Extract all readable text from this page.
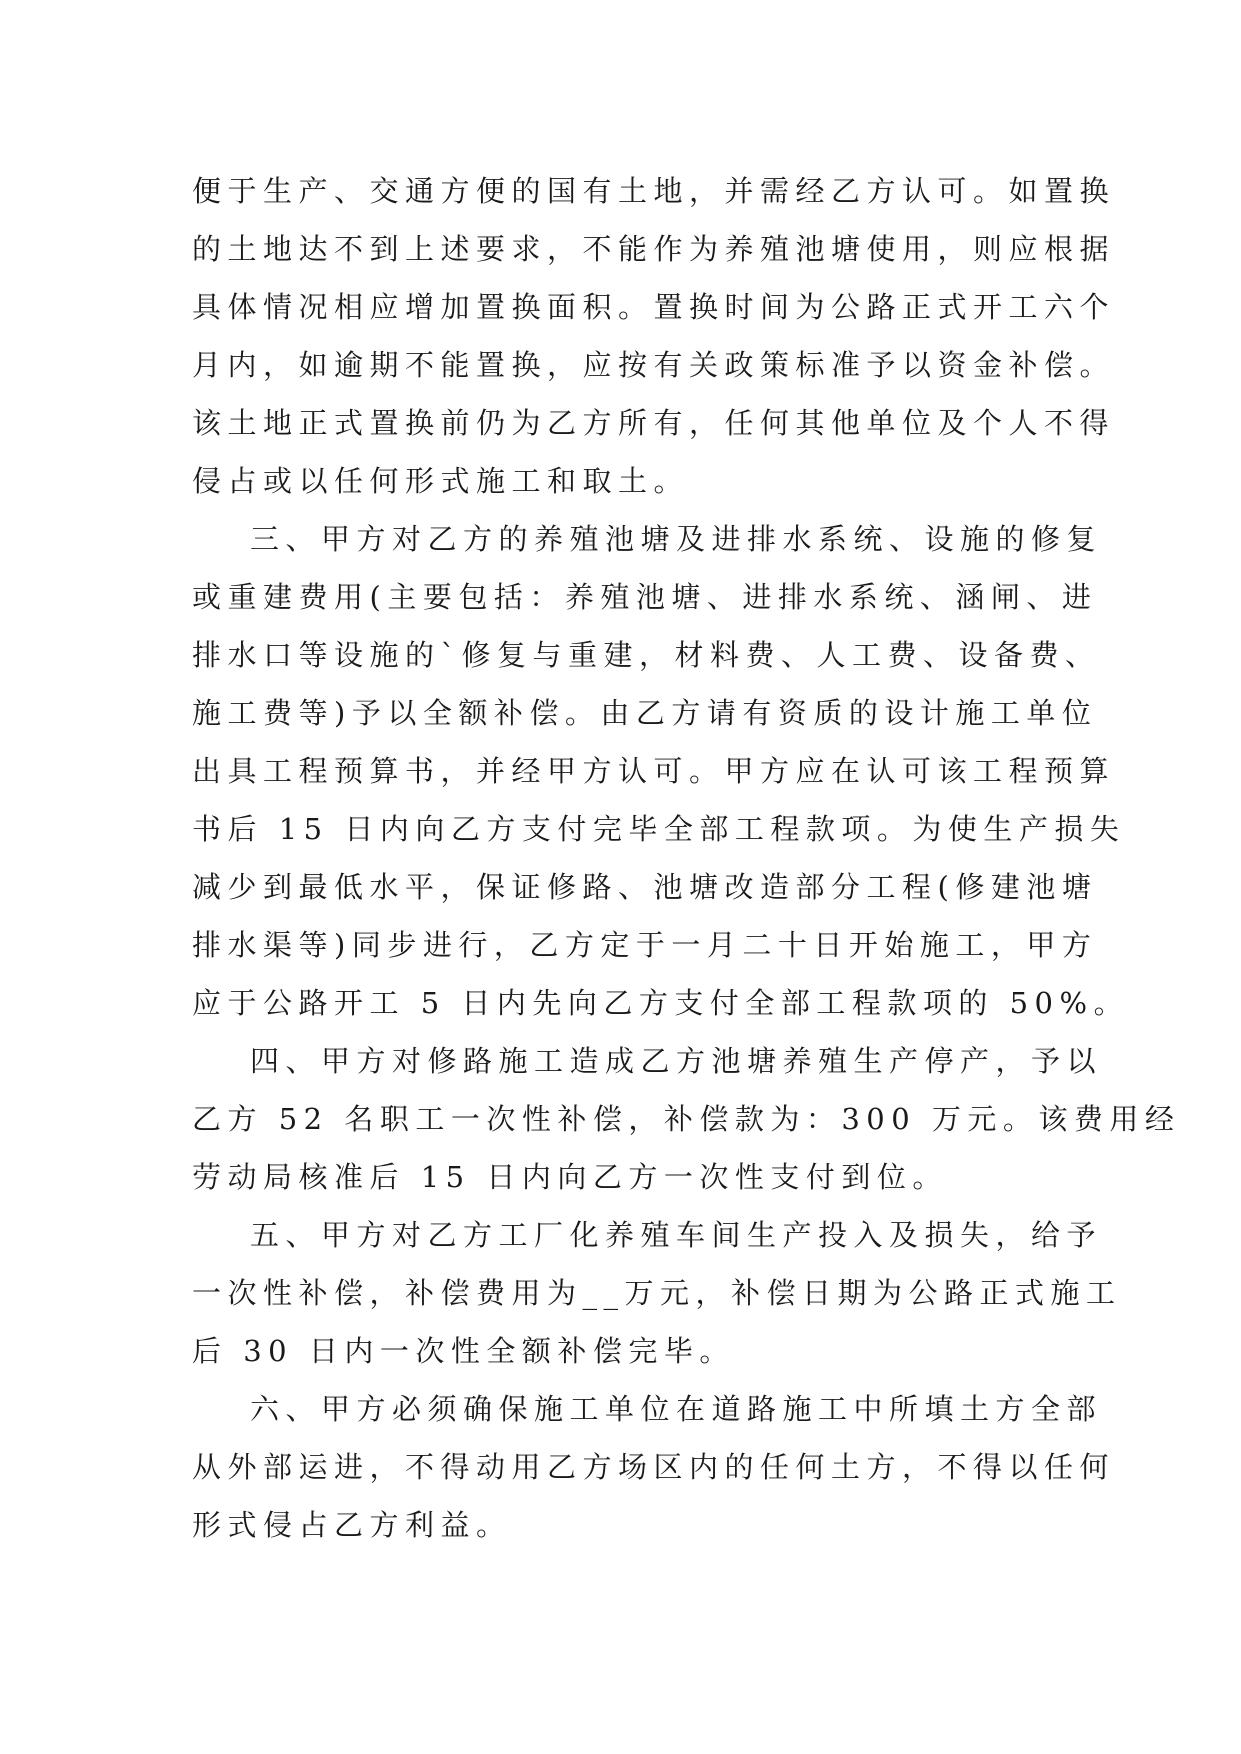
便于生产、交通方便的国有土地，并需经乙方认可。如置换
的土地达不到上述要求，不能作为养殖池塘使用，则应根据
具体情况相应增加置换面积。置换时间为公路正式开工六个
月内，如逾期不能置换，应按有关政策标准予以资金补偿。
该土地正式置换前仍为乙方所有，任何其他单位及个人不得
侵占或以任何形式施工和取土。
三、甲方对乙方的养殖池塘及进排水系统、设施的修复
或重建费用(主要包括：养殖池塘、进排水系统、涵闸、进
排水口等设施的`修复与重建，材料费、人工费、设备费、
施工费等)予以全额补偿。由乙方请有资质的设计施工单位
出具工程预算书，并经甲方认可。甲方应在认可该工程预算
书后 15 日内向乙方支付完毕全部工程款项。为使生产损失
减少到最低水平，保证修路、池塘改造部分工程(修建池塘
排水渠等)同步进行，乙方定于一月二十日开始施工，甲方
应于公路开工 5 日内先向乙方支付全部工程款项的 50%。
四、甲方对修路施工造成乙方池塘养殖生产停产，予以
乙方 52 名职工一次性补偿，补偿款为：300 万元。该费用经
劳动局核准后 15 日内向乙方一次性支付到位。
五、甲方对乙方工厂化养殖车间生产投入及损失，给予
一次性补偿，补偿费用为__万元，补偿日期为公路正式施工
后 30 日内一次性全额补偿完毕。
六、甲方必须确保施工单位在道路施工中所填土方全部
从外部运进，不得动用乙方场区内的任何土方，不得以任何
形式侵占乙方利益。
